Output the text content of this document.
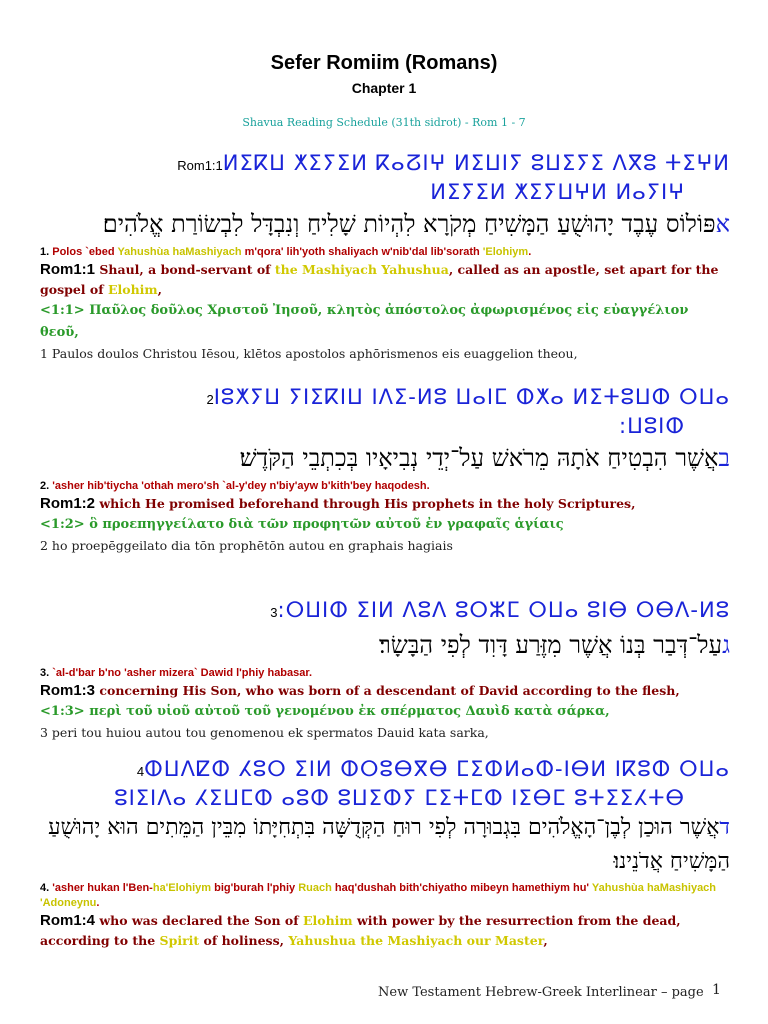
Sefer Romiim (Romans)
Chapter 1
Shavua Reading Schedule (31th sidrot) - Rom 1 - 7
Rom1:1ⵍⵉⴽⵡ ⵅⵉⵢⵉⵍ ⴽⴰⵒⵏⵖ ⵍⵉⵡⵏⵢ ⵓⵡⵉⵢⵉ ⴷⴳⵓ ⵜⵉⵖⵍ
ⵍⵉⵢⵉⵍ ⵅⵉⵢⵡⵖⵍ ⵍⴰⵢⵏⵖ
אפּוֹלוֹס עֶבֶד יָהוּשֻׁעַ הַמָּשִׁיחַ מְקֹרָא לִהְיוֹת שָׁלִיחַ וְנִבְדָּל לִבְשׂוֹרַת אֱלֹהִים׃
1. Polos `ebed Yahushùa haMashiyach m'qora' lih'yoth shaliyach w'nib'dal lib'sorath 'Elohiym.
Rom1:1 Shaul, a bond-servant of the Mashiyach Yahushua, called as an apostle, set apart for the gospel of Elohim,
<1:1> Παῦλος δοῦλος Χριστοῦ Ἰησοῦ, κλητὸς ἀπόστολος ἀφωρισμένος εἰς εὐαγγέλιον θεοῦ,
1 Paulos doulos Christou Iēsou, klētos apostolos aphōrismenos eis euaggelion theou,
2ⵏⵓⵅⵢⵡ ⵢⵏⵉⴽⵏⵡ ⵏⴷⵉ-ⵍⵓ ⵡⴰⵏⵎ ⵀⵅⴰ ⵍⵉⵜⵓⵡⵀ ⵔⵡⴰ
ⵡⵓⵏⵀ:
באֲשֶׁר הִבְטִיחַ אֹתָהּ מֵרֹאשׁ עַל־יְדֵי נְבִיאָיו בְּכִתְבֵי הַקֹּדֶשׁ׃
2. 'asher hib'tiycha 'othah mero'sh `al-y'dey n'biy'ayw b'kith'bey haqodesh.
Rom1:2 which He promised beforehand through His prophets in the holy Scriptures,
<1:2> ὃ προεπηγγείλατο διὰ τῶν προφητῶν αὐτοῦ ἐν γραφαῖς ἁγίαις
2 ho proepēggeilato dia tōn prophētōn autou en graphais hagiais
3:ⵔⵡⵏⵀ ⵉⵏⵍ ⴷⵓⴷ ⵓⵔⵣⵎ ⵔⵡⴰ ⵓⵏⴱ ⵔⴱⴷ-ⵍⵓ
געַל־דְּבַר בְּנוֹ אֲשֶׁר מִזֶּרַע דָּוִד לְפִי הַבָּשָׂר׃
3. `al-d'bar b'no 'asher mizera` Dawid l'phiy habasar.
Rom1:3 concerning His Son, who was born of a descendant of David according to the flesh,
<1:3> περὶ τοῦ υἱοῦ αὐτοῦ τοῦ γενομένου ἐκ σπέρματος Δαυὶδ κατὰ σάρκα,
3 peri tou huiou autou tou genomenou ek spermatos Dauid kata sarka,
4ⵀⵡⴷⵇⵀ ⵃⵓⵔ ⵉⵏⵍ ⵀⵔⵓⴱⴳⴱ ⵎⵉⵀⵍⴰⵀ-ⵏⴱⵍ ⵏⴽⵓⵀ ⵔⵡⴰ
ⵓⵏⵉⵏⴷⴰ ⵃⵉⵡⵎⵀ ⴰⵓⵀ ⵓⵡⵉⵀⵢ ⵎⵉⵜⵎⵀ ⵏⵉⴱⵎ ⵓⵜⵉⵉⵃⵜⴱ
דאֲשֶׁר הוּכַן לְבֶן־הָאֱלֹהִים בִּגְבוּרָה לְפִי רוּחַ הַקְּדֻשָּׁה בִּתְחִיָּתוֹ מִבֵּין הַמֵּתִים הוּא יָהוּשֻׁעַ הַמָּשִׁיחַ אֲדֹנֵינוּ׃
4. 'asher hukan l'Ben-ha'Elohiym big'burah l'phiy Ruach haq'dushah bith'chiyatho mibeyn hamethiym hu' Yahushùa haMashiyach 'Adoneynu.
Rom1:4 who was declared the Son of Elohim with power by the resurrection from the dead, according to the Spirit of holiness, Yahushua the Mashiyach our Master,
New Testament Hebrew-Greek Interlinear – page 1
